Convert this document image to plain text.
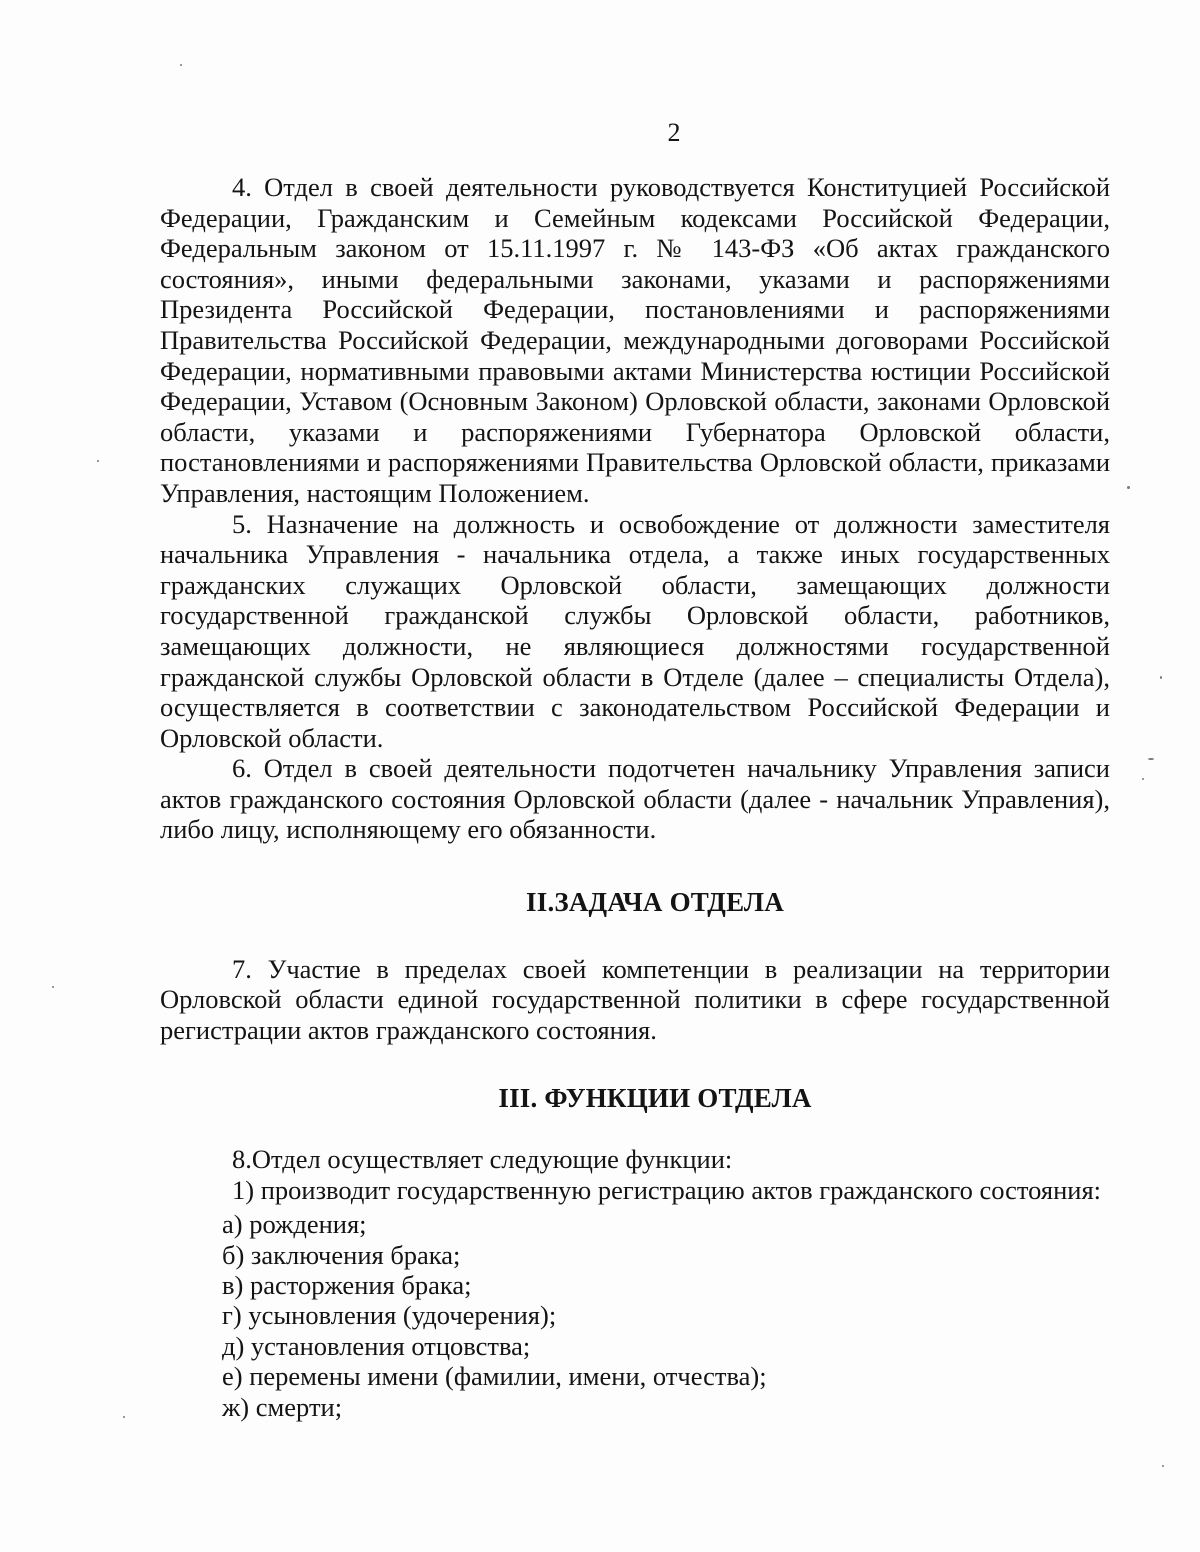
2

4. Отдел в своей деятельности руководствуется Конституцией Российской Федерации, Гражданским и Семейным кодексами Российской Федерации, Федеральным законом от 15.11.1997 г. № 143-ФЗ «Об актах гражданского состояния», иными федеральными законами, указами и распоряжениями Президента Российской Федерации, постановлениями и распоряжениями Правительства Российской Федерации, международными договорами Российской Федерации, нормативными правовыми актами Министерства юстиции Российской Федерации, Уставом (Основным Законом) Орловской области, законами Орловской области, указами и распоряжениями Губернатора Орловской области, постановлениями и распоряжениями Правительства Орловской области, приказами Управления, настоящим Положением.

5. Назначение на должность и освобождение от должности заместителя начальника Управления - начальника отдела, а также иных государственных гражданских служащих Орловской области, замещающих должности государственной гражданской службы Орловской области, работников, замещающих должности, не являющиеся должностями государственной гражданской службы Орловской области в Отделе (далее – специалисты Отдела), осуществляется в соответствии с законодательством Российской Федерации и Орловской области.

6. Отдел в своей деятельности подотчетен начальнику Управления записи актов гражданского состояния Орловской области (далее - начальник Управления), либо лицу, исполняющему его обязанности.

II.ЗАДАЧА ОТДЕЛА

7. Участие в пределах своей компетенции в реализации на территории Орловской области единой государственной политики в сфере государственной регистрации актов гражданского состояния.

III. ФУНКЦИИ ОТДЕЛА

8.Отдел осуществляет следующие функции:

1) производит государственную регистрацию актов гражданского состояния:

а) рождения;
б) заключения брака;
в) расторжения брака;
г) усыновления (удочерения);
д) установления отцовства;
е) перемены имени (фамилии, имени, отчества);
ж) смерти;
